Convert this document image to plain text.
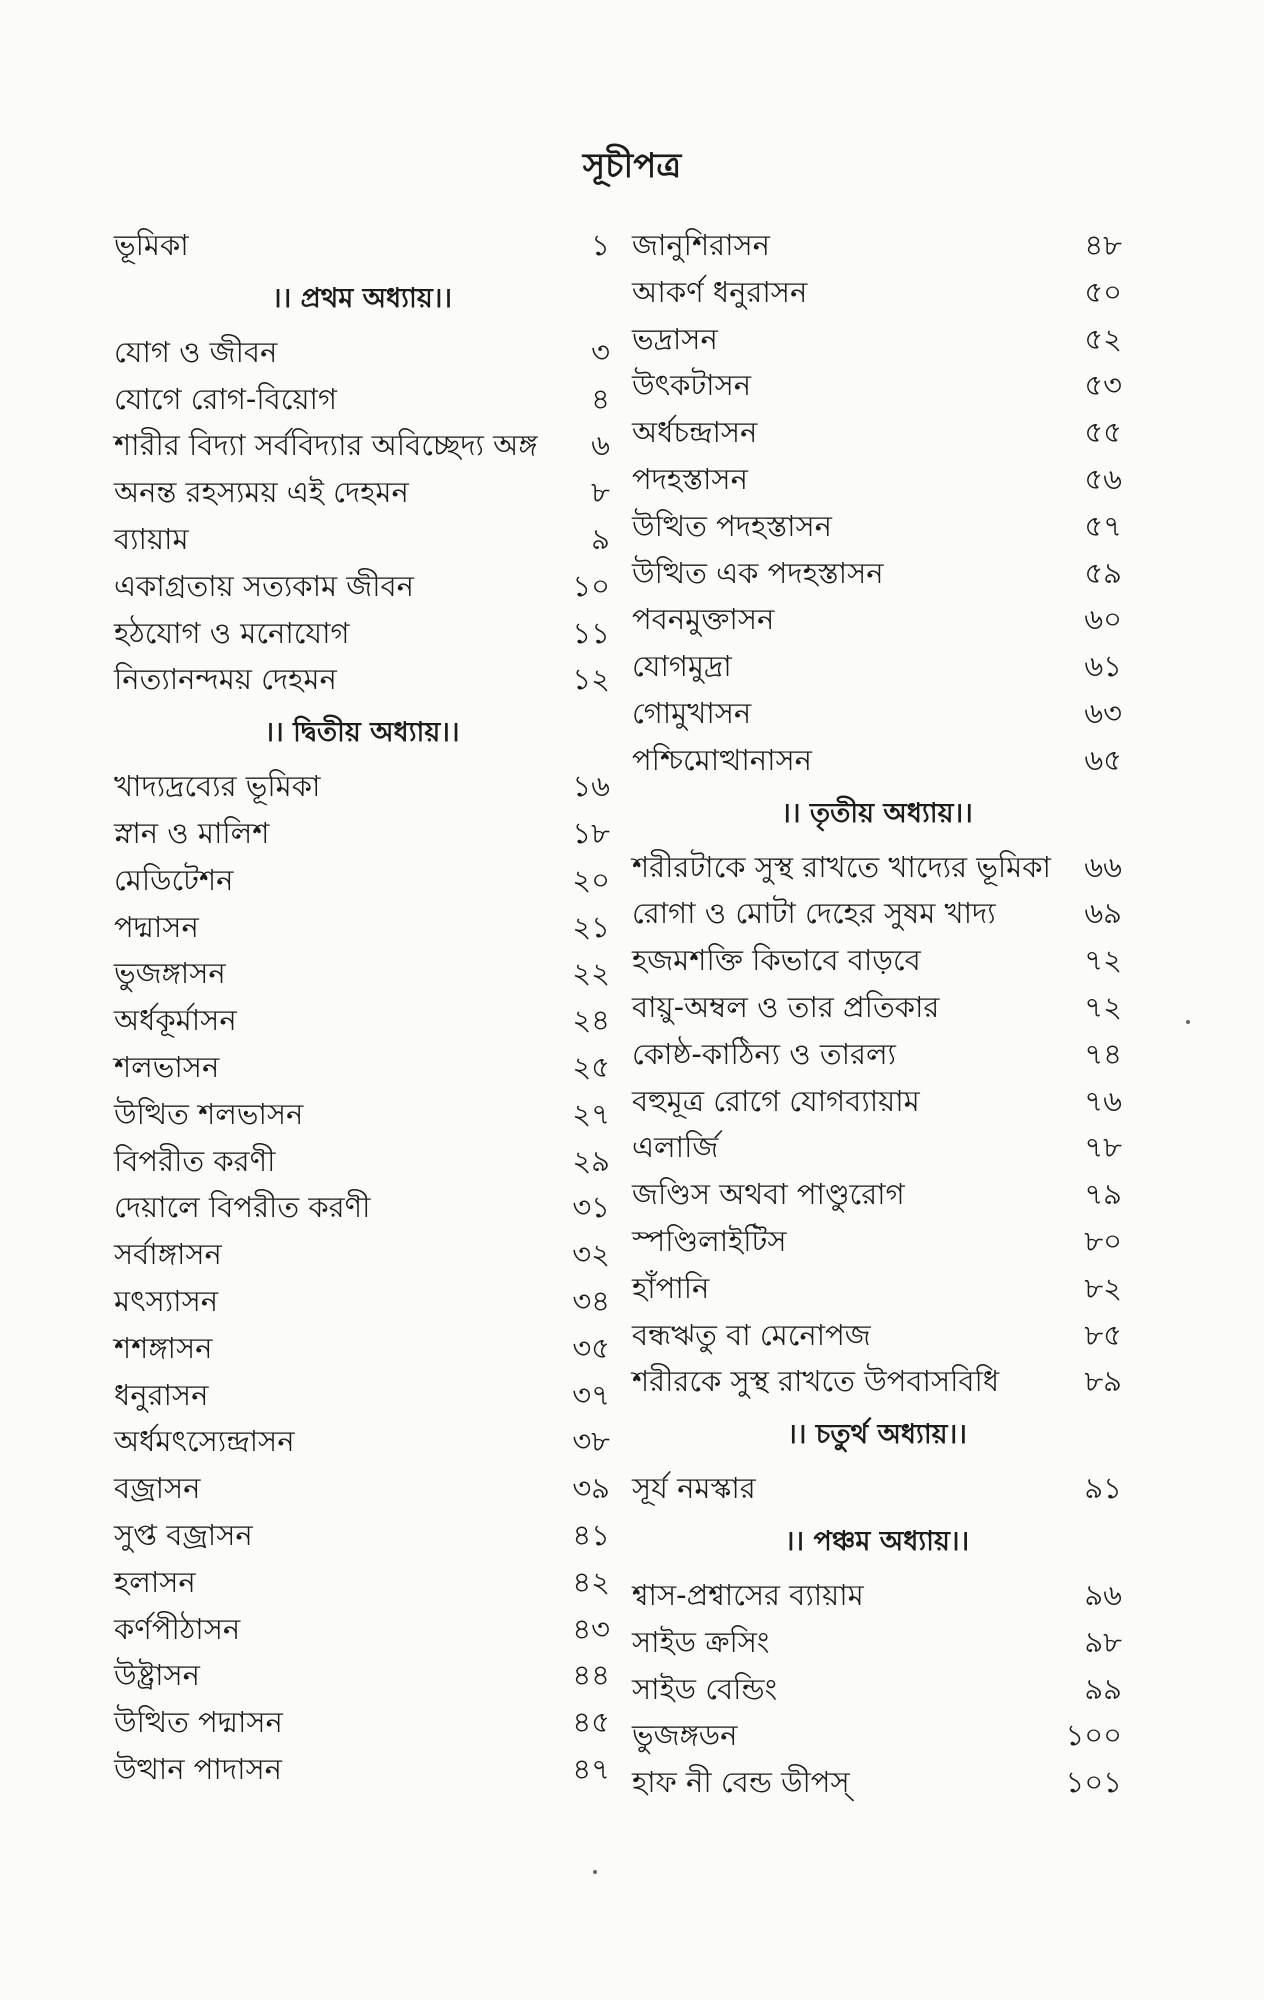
সূচীপত্র
ভূমিকা	১
।। প্রথম অধ্যায়।।
যোগ ও জীবন	৩
যোগে রোগ-বিয়োগ	৪
শারীর বিদ্যা সর্ববিদ্যার অবিচ্ছেদ্য অঙ্গ ৬
অনন্ত রহস্যময় এই দেহমন	৮
ব্যায়াম	৯
একাগ্রতায় সত্যকাম জীবন	১০
হঠযোগ ও মনোযোগ	১১
নিত্যানন্দময় দেহমন	১২
।। দ্বিতীয় অধ্যায়।।
খাদ্যদ্রব্যের ভূমিকা	১৬
স্নান ও মালিশ	১৮
মেডিটেশন	২০
পদ্মাসন	২১
ভুজঙ্গাসন	২২
অর্ধকূর্মাসন	২৪
শলভাসন	২৫
উত্থিত শলভাসন	২৭
বিপরীত করণী	২৯
দেয়ালে বিপরীত করণী	৩১
সর্বাঙ্গাসন	৩২
মৎস্যাসন	৩৪
শশঙ্গাসন	৩৫
ধনুরাসন	৩৭
অর্ধমৎস্যেন্দ্রাসন	৩৮
বজ্রাসন	৩৯
সুপ্ত বজ্রাসন	৪১
হলাসন	৪২
কর্ণপীঠাসন	৪৩
উষ্ট্রাসন	৪৪
উত্থিত পদ্মাসন	৪৫
উত্থান পাদাসন	৪৭
জানুশিরাসন	৪৮
আকর্ণ ধনুরাসন	৫০
ভদ্রাসন	৫২
উৎকটাসন	৫৩
অর্ধচন্দ্রাসন	৫৫
পদহস্তাসন	৫৬
উত্থিত পদহস্তাসন	৫৭
উত্থিত এক পদহস্তাসন	৫৯
পবনমুক্তাসন	৬০
যোগমুদ্রা	৬১
গোমুখাসন	৬৩
পশ্চিমোত্থানাসন	৬৫
।। তৃতীয় অধ্যায়।।
শরীরটাকে সুস্থ রাখতে খাদ্যের ভূমিকা ৬৬
রোগা ও মোটা দেহের সুষম খাদ্য	৬৯
হজমশক্তি কিভাবে বাড়বে	৭২
বায়ু-অম্বল ও তার প্রতিকার	৭২
কোষ্ঠ-কাঠিন্য ও তারল্য	৭৪
বহুমূত্র রোগে যোগব্যায়াম	৭৬
এলার্জি	৭৮
জণ্ডিস অথবা পাণ্ডুরোগ	৭৯
স্পণ্ডিলাইটিস	৮০
হাঁপানি	৮২
বন্ধঋতু বা মেনোপজ	৮৫
শরীরকে সুস্থ রাখতে উপবাসবিধি	৮৯
।। চতুর্থ অধ্যায়।।
সূর্য নমস্কার	৯১
।। পঞ্চম অধ্যায়।।
শ্বাস-প্রশ্বাসের ব্যায়াম	৯৬
সাইড ক্রসিং	৯৮
সাইড বেন্ডিং	৯৯
ভুজঙ্গডন	১০০
হাফ নী বেন্ড ডীপস্	১০১
